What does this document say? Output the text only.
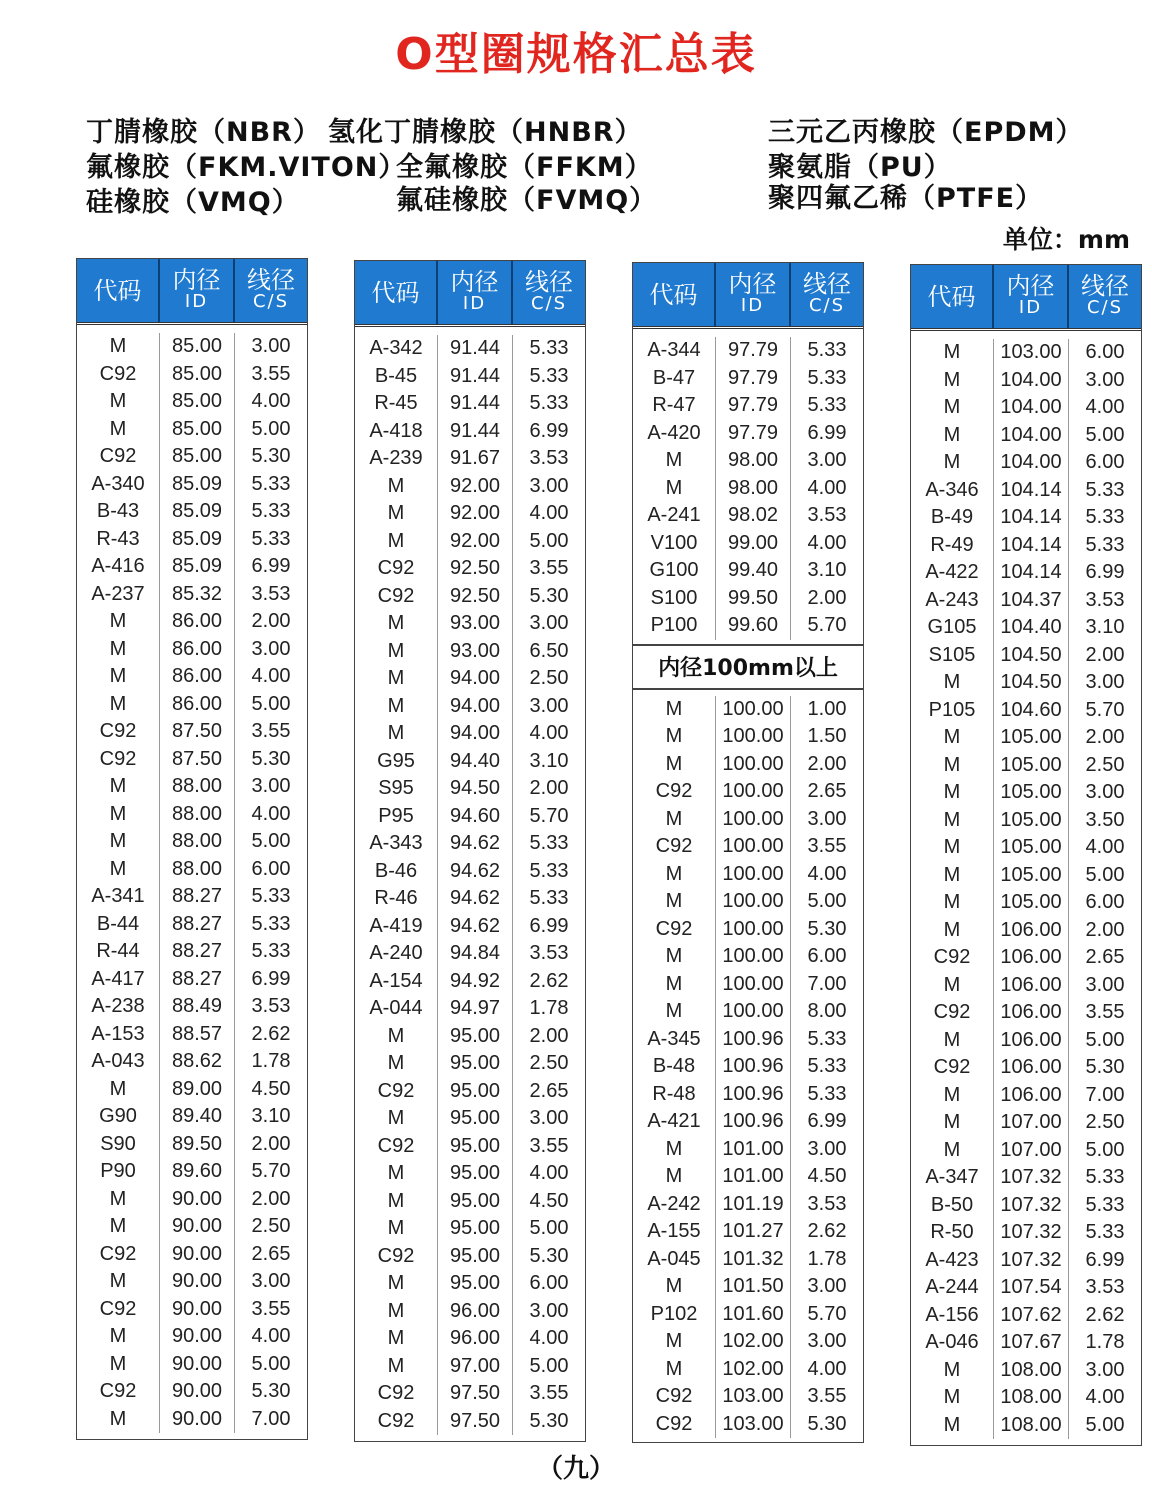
O型圈规格汇总表
丁腈橡胶（NBR） 氢化丁腈橡胶（HNBR）	三元乙丙橡胶（EPDM）
氟橡胶（FKM.VITON）
全氟橡胶（FFKM）	聚氨脂（PU）
硅橡胶（VMQ）	氟硅橡胶（FVMQ）	聚四氟乙稀（PTFE）
单位：mm
代码 内径
ID
线径
C/S
M	85.00	3.00
C92	85.00	3.55
M	85.00	4.00
M	85.00	5.00
C92	85.00	5.30
A-340	85.09	5.33
B-43	85.09	5.33
R-43	85.09	5.33
A-416	85.09	6.99
A-237	85.32	3.53
M	86.00	2.00
M	86.00	3.00
M	86.00	4.00
M	86.00	5.00
C92	87.50	3.55
C92	87.50	5.30
M	88.00	3.00
M	88.00	4.00
M	88.00	5.00
M	88.00	6.00
A-341	88.27	5.33
B-44	88.27	5.33
R-44	88.27	5.33
A-417	88.27	6.99
A-238	88.49	3.53
A-153	88.57	2.62
A-043	88.62	1.78
M	89.00	4.50
G90	89.40	3.10
S90	89.50	2.00
P90	89.60	5.70
M	90.00	2.00
M	90.00	2.50
C92	90.00	2.65
M	90.00	3.00
C92	90.00	3.55
M	90.00	4.00
M	90.00	5.00
C92	90.00	5.30
M	90.00	7.00
代码 内径
ID
线径
C/S
A-342	91.44	5.33
B-45	91.44	5.33
R-45	91.44	5.33
A-418	91.44	6.99
A-239	91.67	3.53
M	92.00	3.00
M	92.00	4.00
M	92.00	5.00
C92	92.50	3.55
C92	92.50	5.30
M	93.00	3.00
M	93.00	6.50
M	94.00	2.50
M	94.00	3.00
M	94.00	4.00
G95	94.40	3.10
S95	94.50	2.00
P95	94.60	5.70
A-343	94.62	5.33
B-46	94.62	5.33
R-46	94.62	5.33
A-419	94.62	6.99
A-240	94.84	3.53
A-154	94.92	2.62
A-044	94.97	1.78
M	95.00	2.00
M	95.00	2.50
C92	95.00	2.65
M	95.00	3.00
C92	95.00	3.55
M	95.00	4.00
M	95.00	4.50
M	95.00	5.00
C92	95.00	5.30
M	95.00	6.00
M	96.00	3.00
M	96.00	4.00
M	97.00	5.00
C92	97.50	3.55
C92	97.50	5.30
代码 内径
ID
线径
C/S
A-344	97.79	5.33
B-47	97.79	5.33
R-47	97.79	5.33
A-420	97.79	6.99
M	98.00	3.00
M	98.00	4.00
A-241	98.02	3.53
V100	99.00	4.00
G100	99.40	3.10
S100	99.50	2.00
P100	99.60	5.70
内径100mm以上
M	100.00	1.00
M	100.00	1.50
M	100.00	2.00
C92	100.00	2.65
M	100.00	3.00
C92	100.00	3.55
M	100.00	4.00
M	100.00	5.00
C92	100.00	5.30
M	100.00	6.00
M	100.00	7.00
M	100.00	8.00
A-345	100.96	5.33
B-48	100.96	5.33
R-48	100.96	5.33
A-421	100.96	6.99
M	101.00	3.00
M	101.00	4.50
A-242	101.19	3.53
A-155	101.27	2.62
A-045	101.32	1.78
M	101.50	3.00
P102	101.60	5.70
M	102.00	3.00
M	102.00	4.00
C92	103.00	3.55
C92	103.00	5.30
代码 内径
ID
线径
C/S
M	103.00	6.00
M	104.00	3.00
M	104.00	4.00
M	104.00	5.00
M	104.00	6.00
A-346	104.14	5.33
B-49	104.14	5.33
R-49	104.14	5.33
A-422	104.14	6.99
A-243	104.37	3.53
G105	104.40	3.10
S105	104.50	2.00
M	104.50	3.00
P105	104.60	5.70
M	105.00	2.00
M	105.00	2.50
M	105.00	3.00
M	105.00	3.50
M	105.00	4.00
M	105.00	5.00
M	105.00	6.00
M	106.00	2.00
C92	106.00	2.65
M	106.00	3.00
C92	106.00	3.55
M	106.00	5.00
C92	106.00	5.30
M	106.00	7.00
M	107.00	2.50
M	107.00	5.00
A-347	107.32	5.33
B-50	107.32	5.33
R-50	107.32	5.33
A-423	107.32	6.99
A-244	107.54	3.53
A-156	107.62	2.62
A-046	107.67	1.78
M	108.00	3.00
M	108.00	4.00
M	108.00	5.00
（九）
